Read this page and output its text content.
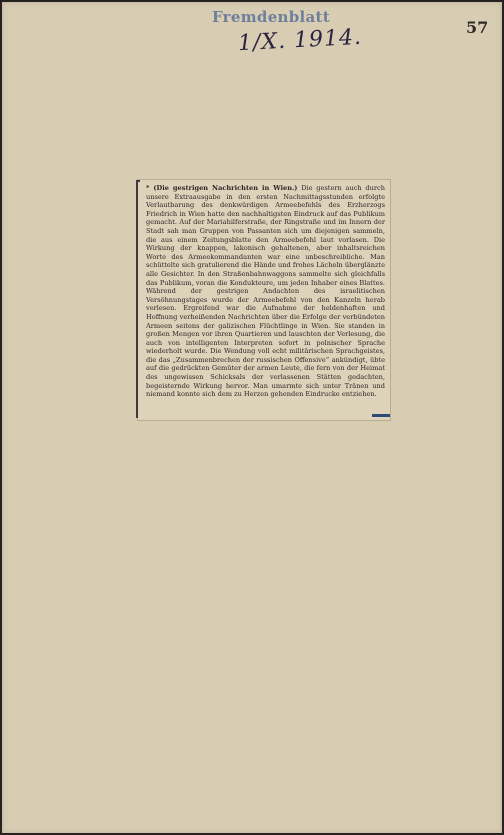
Fremdenblatt
1/X. 1914.	57

* (Die gestrigen Nachrichten in Wien.) Die gestern auch durch unsere Extraausgabe in den ersten Nachmittagsstunden erfolgte Verlautbarung des denkwürdigen Armeebefehls des Erzherzogs Friedrich in Wien hatte den nachhaltigsten Eindruck auf das Publikum gemacht. Auf der Mariahilferstraße, der Ringstraße und im Innern der Stadt sah man Gruppen von Passanten sich um diejenigen sammeln, die aus einem Zeitungsblatte den Armeebefehl laut vorlasen. Die Wirkung der knappen, lakonisch gehaltenen, aber inhaltsreichen Worte des Armeekommandanten war eine unbeschreibliche. Man schüttelte sich gratulierend die Hände und frohes Lächeln überglänzte alle Gesichter. In den Straßenbahnwaggons sammelte sich gleichfalls das Publikum, voran die Kondukteure, um jeden Inhaber eines Blattes. Während der gestrigen Andachten des israelitischen Versöhnungstages wurde der Armeebefehl von den Kanzeln herab verlesen. Ergreifend war die Aufnahme der heldenhaften und Hoffnung verheißenden Nachrichten über die Erfolge der verbündeten Armeen seitens der galizischen Flüchtlinge in Wien. Sie standen in großen Mengen vor ihren Quartieren und lauschten der Verlesung, die auch von intelligenten Interpreten sofort in polnischer Sprache wiederholt wurde. Die Wendung voll echt militärischen Sprachgeistes, die das „Zusammenbrechen der russischen Offensive“ ankündigt, übte auf die gedrückten Gemüter der armen Leute, die fern von der Heimat des ungewissen Schicksals der verlassenen Stätten gedachten, begeisternde Wirkung hervor. Man umarmte sich unter Tränen und niemand konnte sich dem zu Herzen gehenden Eindrucke entziehen.
